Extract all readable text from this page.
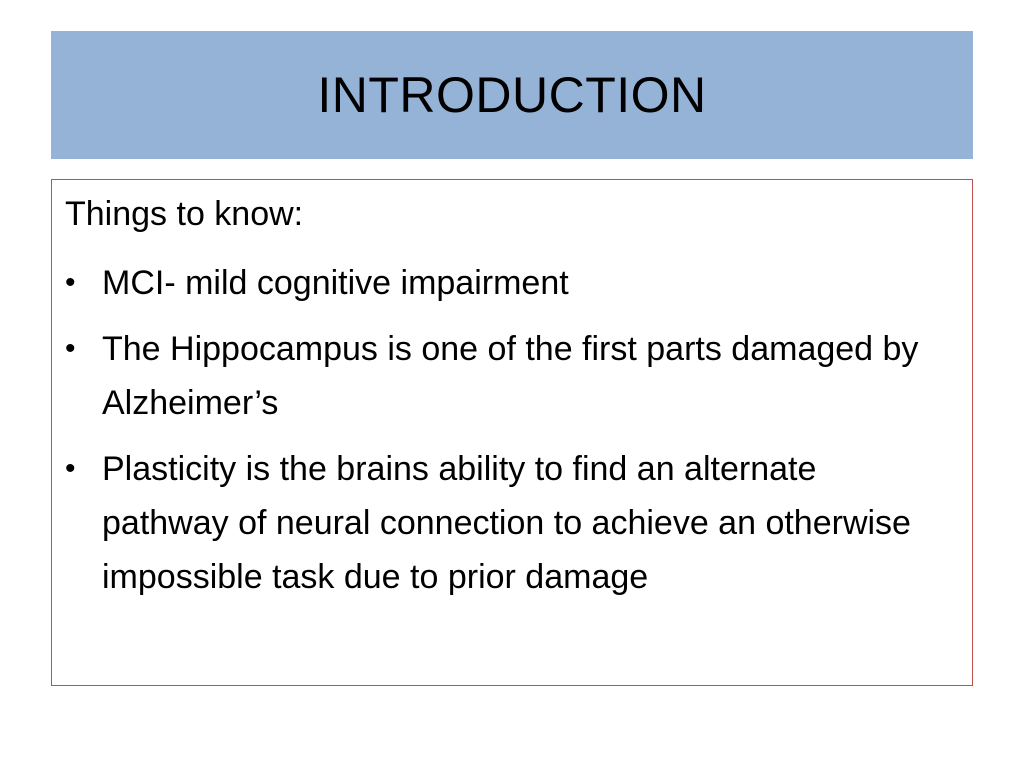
INTRODUCTION

Things to know:

• MCI- mild cognitive impairment
• The Hippocampus is one of the first parts damaged by Alzheimer’s
• Plasticity is the brains ability to find an alternate pathway of neural connection to achieve an otherwise impossible task due to prior damage
